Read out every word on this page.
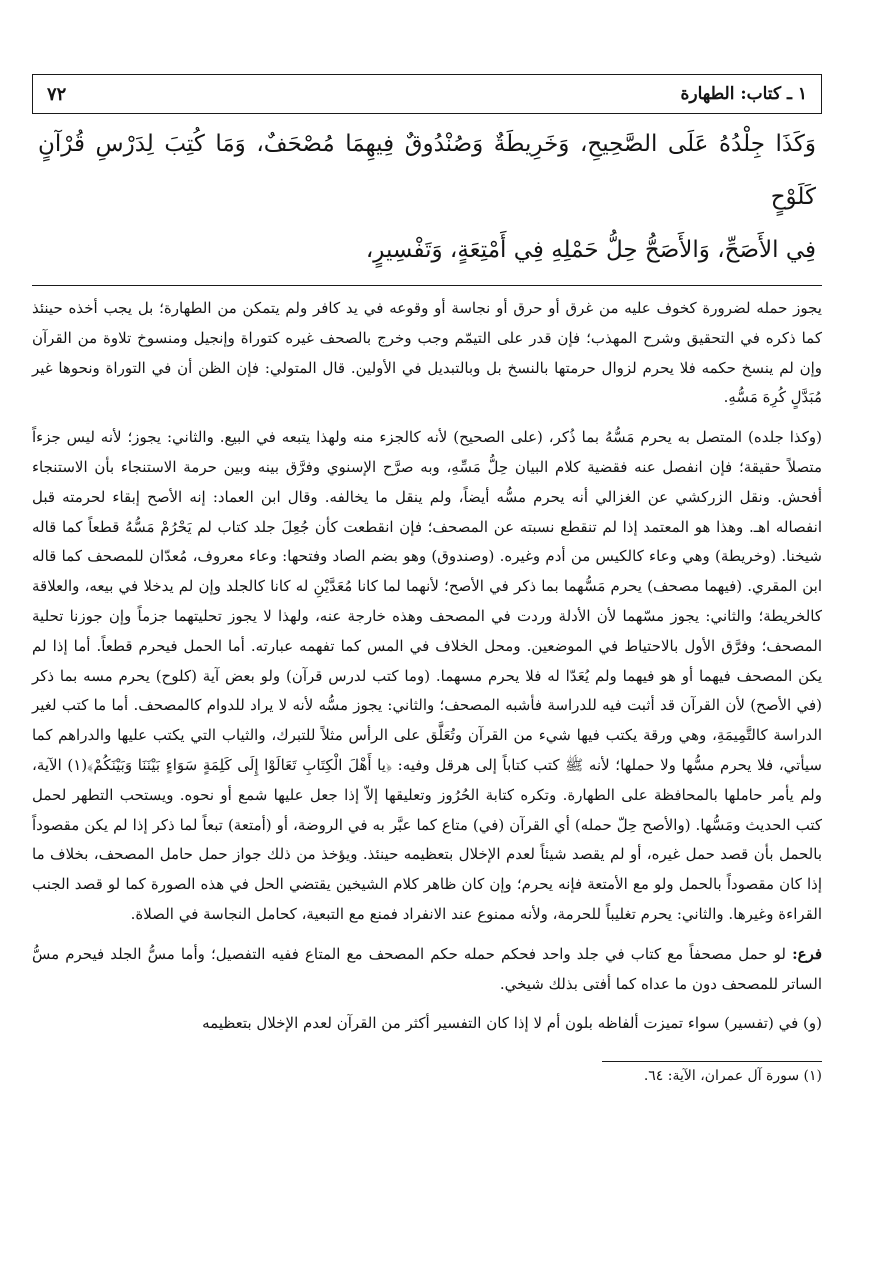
١ ـ كتاب: الطهارة
٧٢
وَكَذَا جِلْدُهُ عَلَى الصَّحِيحِ، وَخَرِيطَةٌ وَصُنْدُوقٌ فِيهِمَا مُصْحَفٌ، وَمَا كُتِبَ لِدَرْسِ قُرْآنٍ كَلَوْحٍ
فِي الأَصَحِّ، وَالأَصَحُّ حِلُّ حَمْلِهِ فِي أَمْتِعَةٍ، وَتَفْسِيرٍ،

يجوز حمله لضرورة كخوف عليه من غرق أو حرق أو نجاسة أو وقوعه في يد كافر ولم يتمكن من الطهارة؛ بل يجب أخذه حينئذ كما ذكره في التحقيق وشرح المهذب؛ فإن قدر على التيمّم وجب وخرج بالصحف غيره كتوراة وإنجيل ومنسوخ تلاوة من القرآن وإن لم ينسخ حكمه فلا يحرم لزوال حرمتها بالنسخ بل وبالتبديل في الأولين. قال المتولي: فإن الظن أن في التوراة ونحوها غير مُبَدَّلٍ كُرِهَ مَسُّهِ.

(وكذا جلده) المتصل به يحرم مَسُّهُ بما ذُكر، (على الصحيح) لأنه كالجزء منه ولهذا يتبعه في البيع. والثاني: يجوز؛ لأنه ليس جزءاً متصلاً حقيقة؛ فإن انفصل عنه فقضية كلام البيان حِلُّ مَسِّهِ، وبه صرَّح الإسنوي وفرَّق بينه وبين حرمة الاستنجاء بأن الاستنجاء أفحش. ونقل الزركشي عن الغزالي أنه يحرم مسُّه أيضاً، ولم ينقل ما يخالفه. وقال ابن العماد: إنه الأصح إبقاء لحرمته قبل انفصاله اهـ. وهذا هو المعتمد إذا لم تنقطع نسبته عن المصحف؛ فإن انقطعت كأن جُعِلَ جلد كتاب لم يَحْرُمْ مَسُّهُ قطعاً كما قاله شيخنا. (وخريطة) وهي وعاء كالكيس من أدم وغيره. (وصندوق) وهو بضم الصاد وفتحها: وعاء معروف، مُعدّان للمصحف كما قاله ابن المقري. (فيهما مصحف) يحرم مَسُّهما بما ذكر في الأصح؛ لأنهما لما كانا مُعَدَّيْنِ له كانا كالجلد وإن لم يدخلا في بيعه، والعلاقة كالخريطة؛ والثاني: يجوز مسّهما لأن الأدلة وردت في المصحف وهذه خارجة عنه، ولهذا لا يجوز تحليتهما جزماً وإن جوزنا تحلية المصحف؛ وفرَّق الأول بالاحتياط في الموضعين. ومحل الخلاف في المس كما تفهمه عبارته. أما الحمل فيحرم قطعاً. أما إذا لم يكن المصحف فيهما أو هو فيهما ولم يُعَدّا له فلا يحرم مسهما. (وما كتب لدرس قرآن) ولو بعض آية (كلوح) يحرم مسه بما ذكر (في الأصح) لأن القرآن قد أثبت فيه للدراسة فأشبه المصحف؛ والثاني: يجوز مسُّه لأنه لا يراد للدوام كالمصحف. أما ما كتب لغير الدراسة كالتَّمِيمَةِ، وهي ورقة يكتب فيها شيء من القرآن وتُعَلَّق على الرأس مثلاً للتبرك، والثياب التي يكتب عليها والدراهم كما سيأتي، فلا يحرم مسُّها ولا حملها؛ لأنه ﷺ كتب كتاباً إلى هرقل وفيه: ﴿يا أَهْلَ الْكِتَابِ تَعَالَوْا إِلَى كَلِمَةٍ سَوَاءٍ بَيْنَنَا وَبَيْنَكُمْ﴾(١) الآية، ولم يأمر حاملها بالمحافظة على الطهارة. وتكره كتابة الحُرُوز وتعليقها إلاّ إذا جعل عليها شمع أو نحوه. ويستحب التطهر لحمل كتب الحديث ومَسُّها. (والأصح حِلّ حمله) أي القرآن (في) متاع كما عبَّر به في الروضة، أو (أمتعة) تبعاً لما ذكر إذا لم يكن مقصوداً بالحمل بأن قصد حمل غيره، أو لم يقصد شيئاً لعدم الإخلال بتعظيمه حينئذ. ويؤخذ من ذلك جواز حمل حامل المصحف، بخلاف ما إذا كان مقصوداً بالحمل ولو مع الأمتعة فإنه يحرم؛ وإن كان ظاهر كلام الشيخين يقتضي الحل في هذه الصورة كما لو قصد الجنب القراءة وغيرها. والثاني: يحرم تغليباً للحرمة، ولأنه ممنوع عند الانفراد فمنع مع التبعية، كحامل النجاسة في الصلاة.

فرع: لو حمل مصحفاً مع كتاب في جلد واحد فحكم حمله حكم المصحف مع المتاع ففيه التفصيل؛ وأما مسُّ الجلد فيحرم مسُّ الساتر للمصحف دون ما عداه كما أفتى بذلك شيخي.

(و) في (تفسير) سواء تميزت ألفاظه بلون أم لا إذا كان التفسير أكثر من القرآن لعدم الإخلال بتعظيمه

(١) سورة آل عمران، الآية: ٦٤.
